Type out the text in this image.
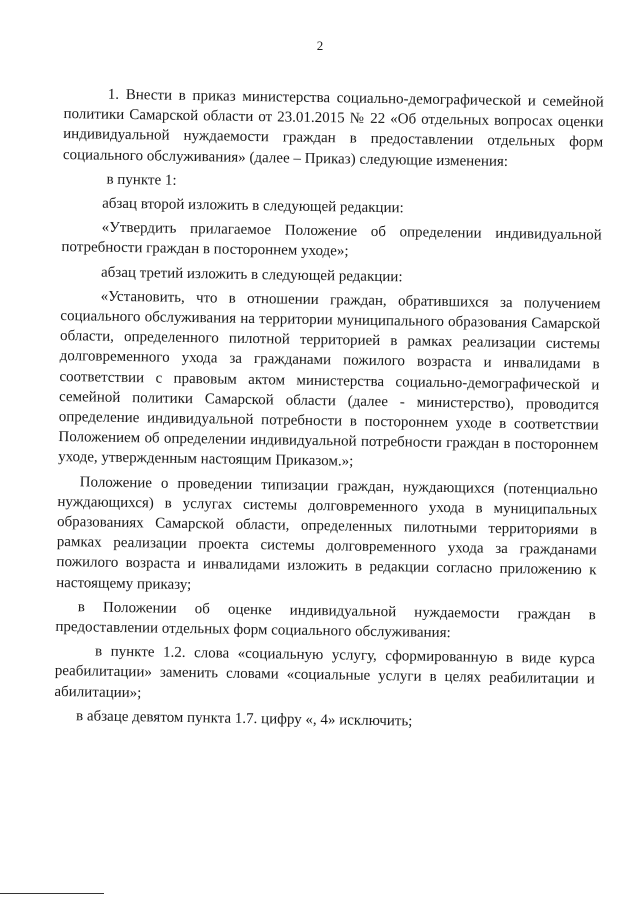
2

1. Внести в приказ министерства социально-демографической и семейной политики Самарской области от 23.01.2015 № 22 «Об отдельных вопросах оценки индивидуальной нуждаемости граждан в предоставлении отдельных форм социального обслуживания» (далее – Приказ) следующие изменения:

в пункте 1:

абзац второй изложить в следующей редакции:

«Утвердить прилагаемое Положение об определении индивидуальной потребности граждан в постороннем уходе»;

абзац третий изложить в следующей редакции:

«Установить, что в отношении граждан, обратившихся за получением социального обслуживания на территории муниципального образования Самарской области, определенного пилотной территорией в рамках реализации системы долговременного ухода за гражданами пожилого возраста и инвалидами в соответствии с правовым актом министерства социально-демографической и семейной политики Самарской области (далее - министерство), проводится определение индивидуальной потребности в постороннем уходе в соответствии Положением об определении индивидуальной потребности граждан в постороннем уходе, утвержденным настоящим Приказом.»;

Положение о проведении типизации граждан, нуждающихся (потенциально нуждающихся) в услугах системы долговременного ухода в муниципальных образованиях Самарской области, определенных пилотными территориями в рамках реализации проекта системы долговременного ухода за гражданами пожилого возраста и инвалидами изложить в редакции согласно приложению к настоящему приказу;

в Положении об оценке индивидуальной нуждаемости граждан в предоставлении отдельных форм социального обслуживания:

в пункте 1.2. слова «социальную услугу, сформированную в виде курса реабилитации» заменить словами «социальные услуги в целях реабилитации и абилитации»;

в абзаце девятом пункта 1.7. цифру «, 4» исключить;
